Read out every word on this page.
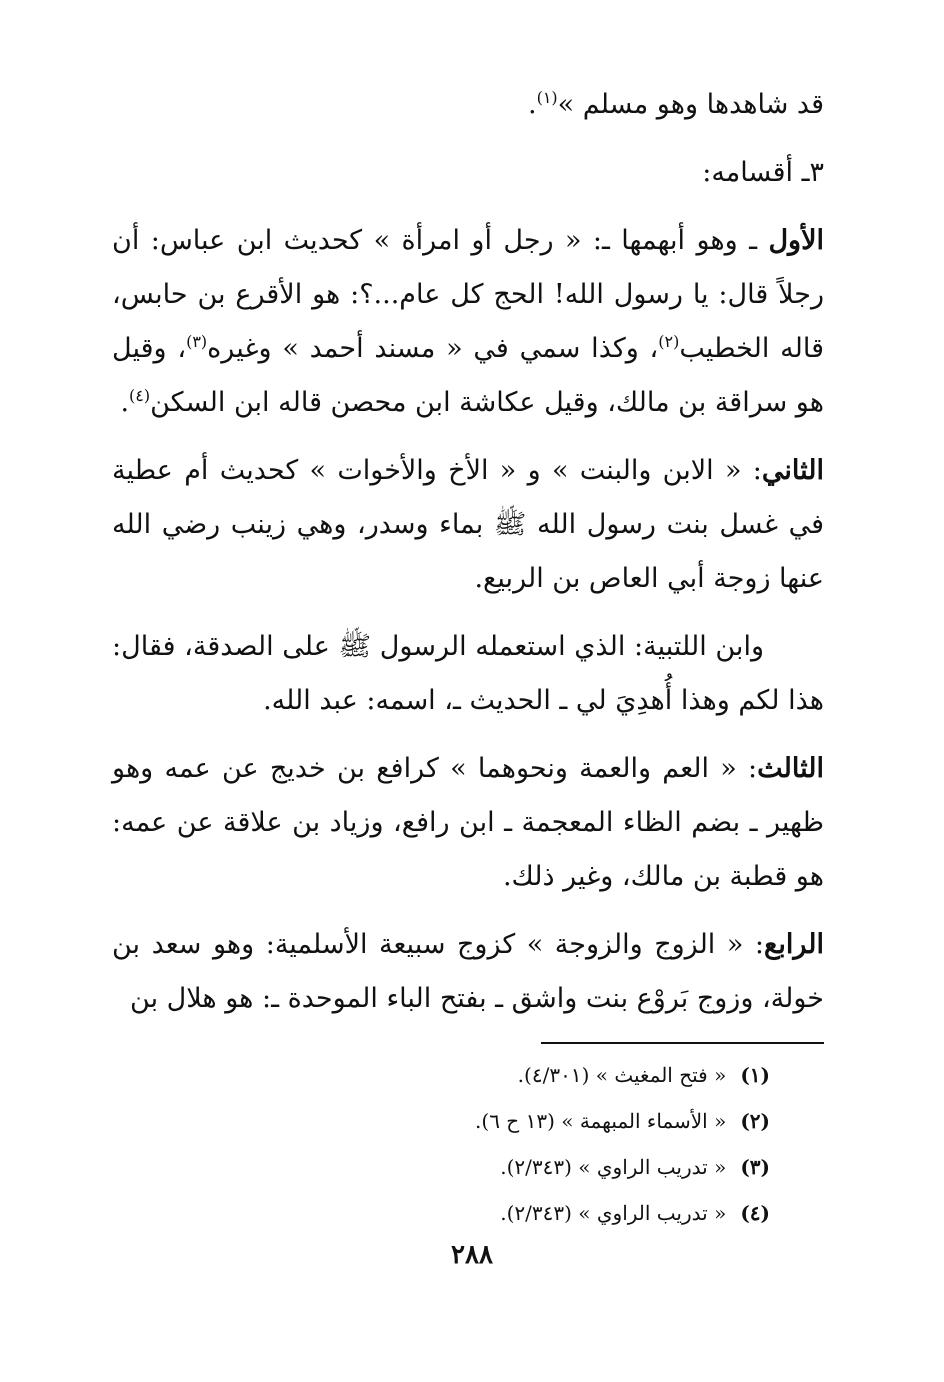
قد شاهدها وهو مسلم »$^{(١)}$.

٣ـ أقسامه:

الأول ـ وهو أبهمها ـ: « رجل أو امرأة » كحديث ابن عباس: أن رجلاً قال: يا رسول الله! الحج كل عام...؟: هو الأقرع بن حابس، قاله الخطيب$^{(٢)}$، وكذا سمي في « مسند أحمد » وغيره$^{(٣)}$، وقيل هو سراقة بن مالك، وقيل عكاشة ابن محصن قاله ابن السكن$^{(٤)}$.

الثاني: « الابن والبنت » و « الأخ والأخوات » كحديث أم عطية في غسل بنت رسول الله ﷺ بماء وسدر، وهي زينب رضي الله عنها زوجة أبي العاص بن الربيع.

وابن اللتبية: الذي استعمله الرسول ﷺ على الصدقة، فقال: هذا لكم وهذا أُهدِيَ لي ـ الحديث ـ، اسمه: عبد الله.

الثالث: « العم والعمة ونحوهما » كرافع بن خديج عن عمه وهو ظهير ـ بضم الظاء المعجمة ـ ابن رافع، وزياد بن علاقة عن عمه: هو قطبة بن مالك، وغير ذلك.

الرابع: « الزوج والزوجة » كزوج سبيعة الأسلمية: وهو سعد بن خولة، وزوج بَروْع بنت واشق ـ بفتح الباء الموحدة ـ: هو هلال بن

(١)« فتح المغيث » (٤/٣٠١).
(٢)« الأسماء المبهمة » (١٣ ح ٦).
(٣)« تدريب الراوي » (٢/٣٤٣).
(٤)« تدريب الراوي » (٢/٣٤٣).
٢٨٨
